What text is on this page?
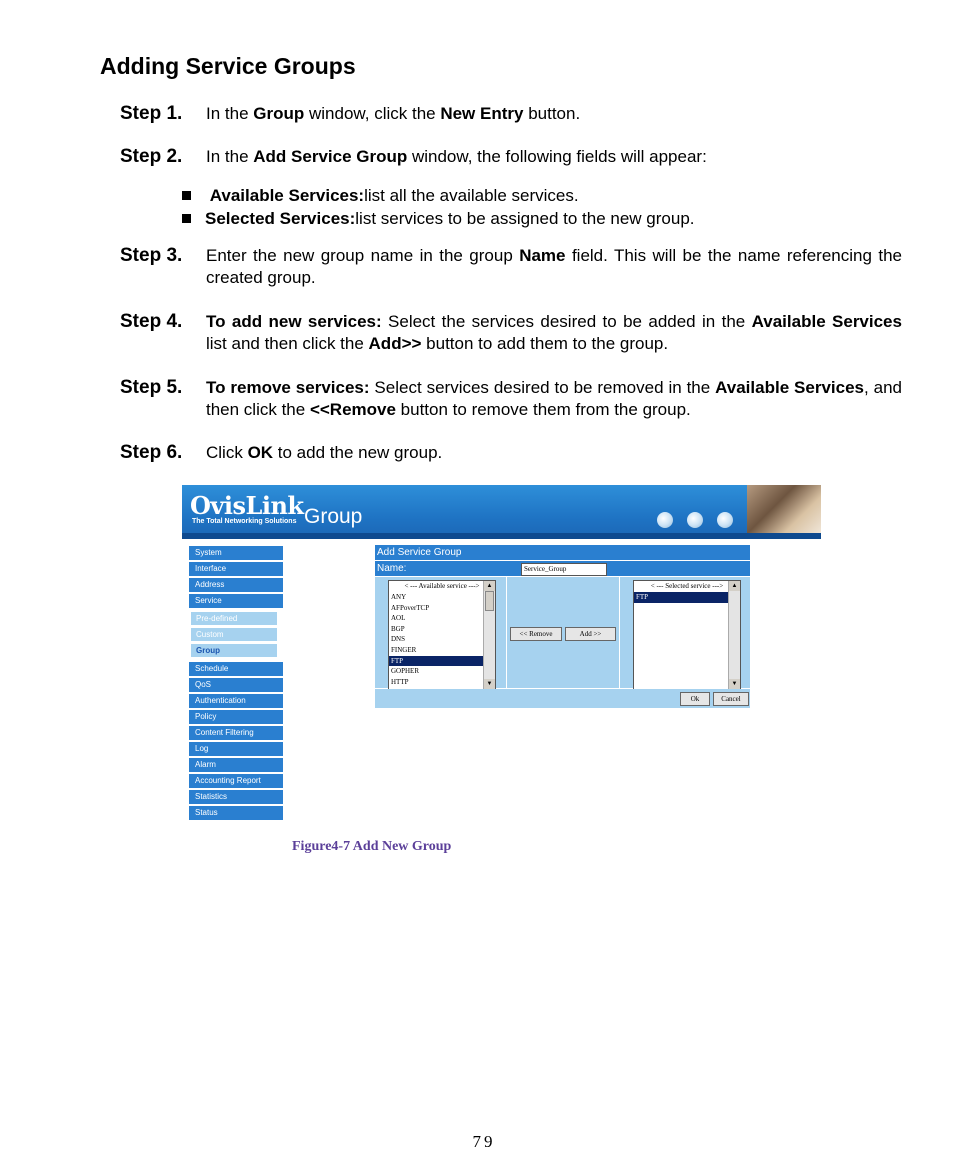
Adding Service Groups
Step 1. In the Group window, click the New Entry button.
Step 2. In the Add Service Group window, the following fields will appear:

Available Services: list all the available services.
Selected Services: list services to be assigned to the new group.
Step 3. Enter the new group name in the group Name field. This will be the name referencing the created group.
Step 4. To add new services: Select the services desired to be added in the Available Services list and then click the Add>> button to add them to the group.
Step 5. To remove services: Select services desired to be removed in the Available Services, and then click the <<Remove button to remove them from the group.
Step 6. Click OK to add the new group.
OvisLink
The Total Networking Solutions Group
System
Interface
Address
Service
Pre-defined
Custom
Group
Schedule
QoS
Authentication
Policy
Content Filtering
Log
Alarm
Accounting Report
Statistics
Status
Add Service Group
Name:	Service_Group
< --- Available service --->
ANY
AFPoverTCP
AOL
BGP
DNS
FINGER
FTP
GOPHER
HTTP
▲
▼
<< Remove	Add >>
< --- Selected service --->
FTP
▲
▼
Ok	Cancel
Figure4-7 Add New Group
79
